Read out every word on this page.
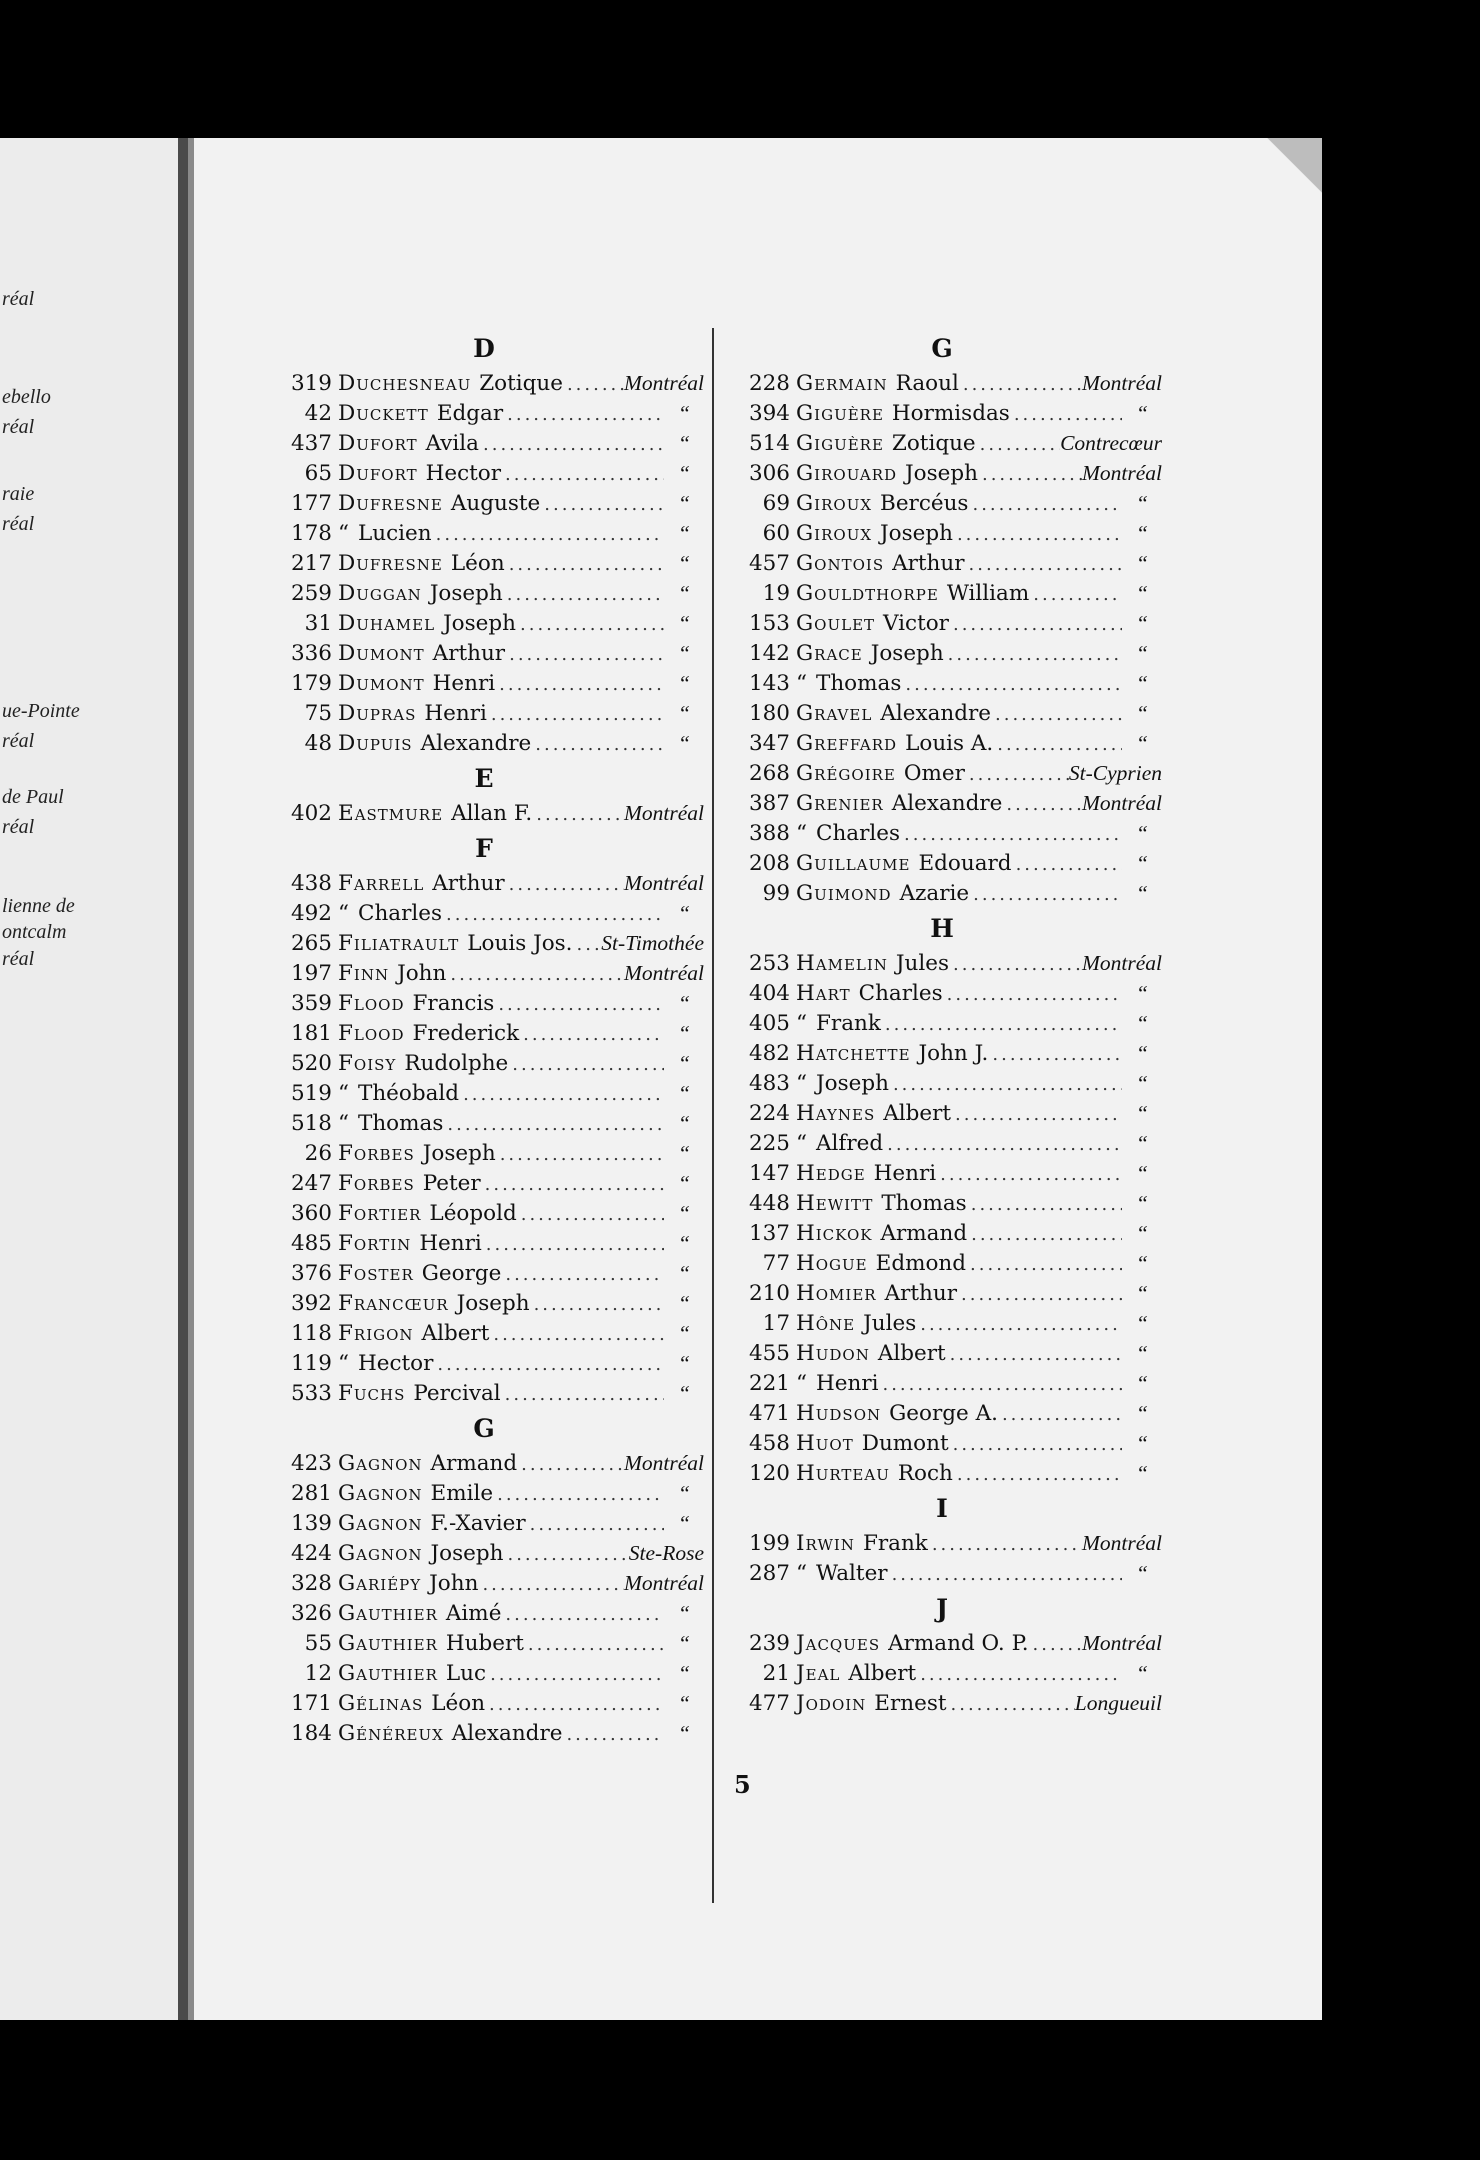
réal
ebello
réal
raie
réal
ue-Pointe
réal
de Paul
réal
lienne de
ontcalm
réal
D
319 Duchesneau Zotique .....	Montréal
42 Duckett Edgar .....	“
437 Dufort Avila .....	“
65 Dufort Hector .....	“
177 Dufresne Auguste .....	“
178 “ Lucien .....	“
217 Dufresne Léon .....	“
259 Duggan Joseph .....	“
31 Duhamel Joseph .....	“
336 Dumont Arthur .....	“
179 Dumont Henri .....	“
75 Dupras Henri .....	“
48 Dupuis Alexandre .....	“
E
402 Eastmure Allan F. .....	Montréal
F
438 Farrell Arthur .....	Montréal
492 “ Charles .....	“
265 Filiatrault Louis Jos. ..... St-Timothée
197 Finn John .....	Montréal
359 Flood Francis .....	“
181 Flood Frederick .....	“
520 Foisy Rudolphe .....	“
519 “ Théobald .....	“
518 “ Thomas .....	“
26 Forbes Joseph .....	“
247 Forbes Peter .....	“
360 Fortier Léopold .....	“
485 Fortin Henri .....	“
376 Foster George .....	“
392 Francœur Joseph .....	“
118 Frigon Albert .....	“
119 “ Hector .....	“
533 Fuchs Percival .....	“
G
423 Gagnon Armand .....	Montréal
281 Gagnon Emile .....	“
139 Gagnon F.-Xavier .....	“
424 Gagnon Joseph .....	Ste-Rose
328 Gariépy John .....	Montréal
326 Gauthier Aimé .....	“
55 Gauthier Hubert .....	“
12 Gauthier Luc .....	“
171 Gélinas Léon .....	“
184 Généreux Alexandre .....	“
G
228 Germain Raoul .....	Montréal
394 Giguère Hormisdas .....	“
514 Giguère Zotique .....	Contrecœur
306 Girouard Joseph .....	Montréal
69 Giroux Bercéus .....	“
60 Giroux Joseph .....	“
457 Gontois Arthur .....	“
19 Gouldthorpe William .....	“
153 Goulet Victor .....	“
142 Grace Joseph .....	“
143 “ Thomas .....	“
180 Gravel Alexandre .....	“
347 Greffard Louis A. .....	“
268 Grégoire Omer .....	St-Cyprien
387 Grenier Alexandre .....	Montréal
388 “ Charles .....	“
208 Guillaume Edouard .....	“
99 Guimond Azarie .....	“
H
253 Hamelin Jules .....	Montréal
404 Hart Charles .....	“
405 “ Frank .....	“
482 Hatchette John J. .....	“
483 “ Joseph .....	“
224 Haynes Albert .....	“
225 “ Alfred .....	“
147 Hedge Henri .....	“
448 Hewitt Thomas .....	“
137 Hickok Armand .....	“
77 Hogue Edmond .....	“
210 Homier Arthur .....	“
17 Hône Jules .....	“
455 Hudon Albert .....	“
221 “ Henri .....	“
471 Hudson George A. .....	“
458 Huot Dumont .....	“
120 Hurteau Roch .....	“
I
199 Irwin Frank .....	Montréal
287 “ Walter .....	“
J
239 Jacques Armand O. P. ..... Montréal
21 Jeal Albert .....	“
477 Jodoin Ernest .....	Longueuil
5
